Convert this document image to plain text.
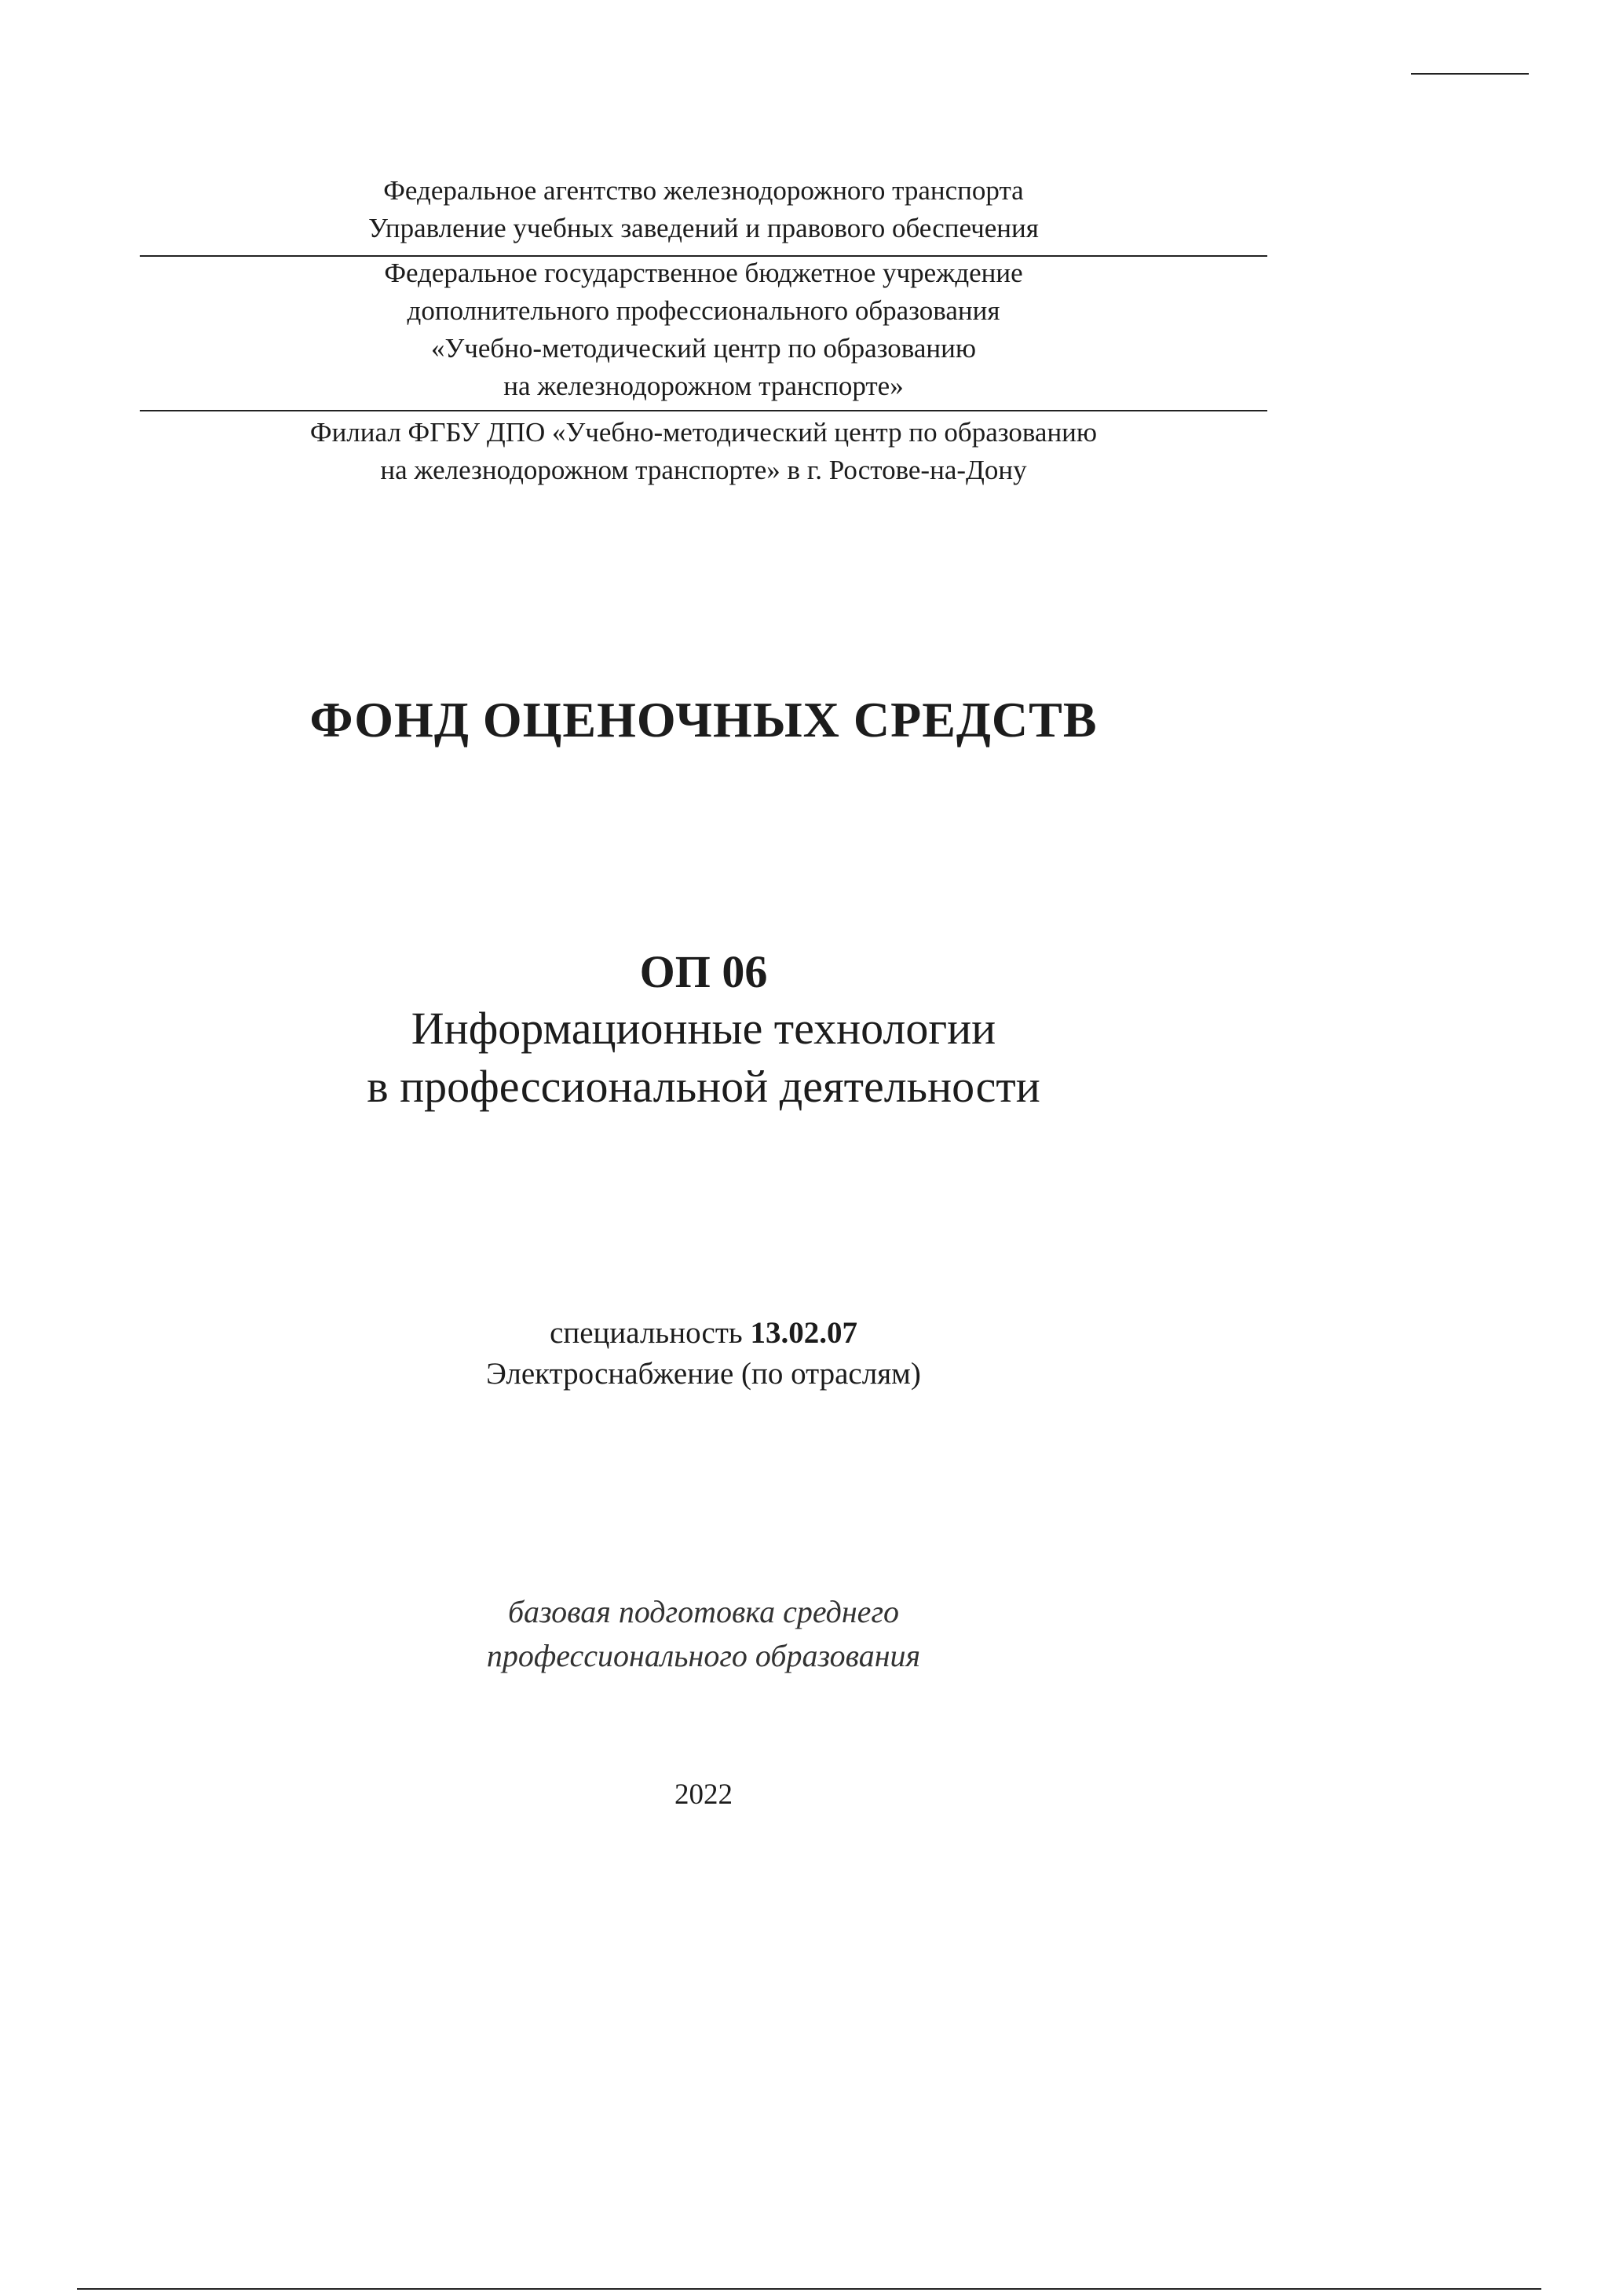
Федеральное агентство железнодорожного транспорта
Управление учебных заведений и правового обеспечения
Федеральное государственное бюджетное учреждение
дополнительного профессионального образования
«Учебно-методический центр по образованию
на железнодорожном транспорте»
Филиал ФГБУ ДПО «Учебно-методический центр по образованию
на железнодорожном транспорте» в г. Ростове-на-Дону
ФОНД ОЦЕНОЧНЫХ СРЕДСТВ
ОП 06
Информационные технологии
в профессиональной деятельности
специальность 13.02.07
Электроснабжение (по отраслям)
базовая подготовка среднего
профессионального образования
2022
